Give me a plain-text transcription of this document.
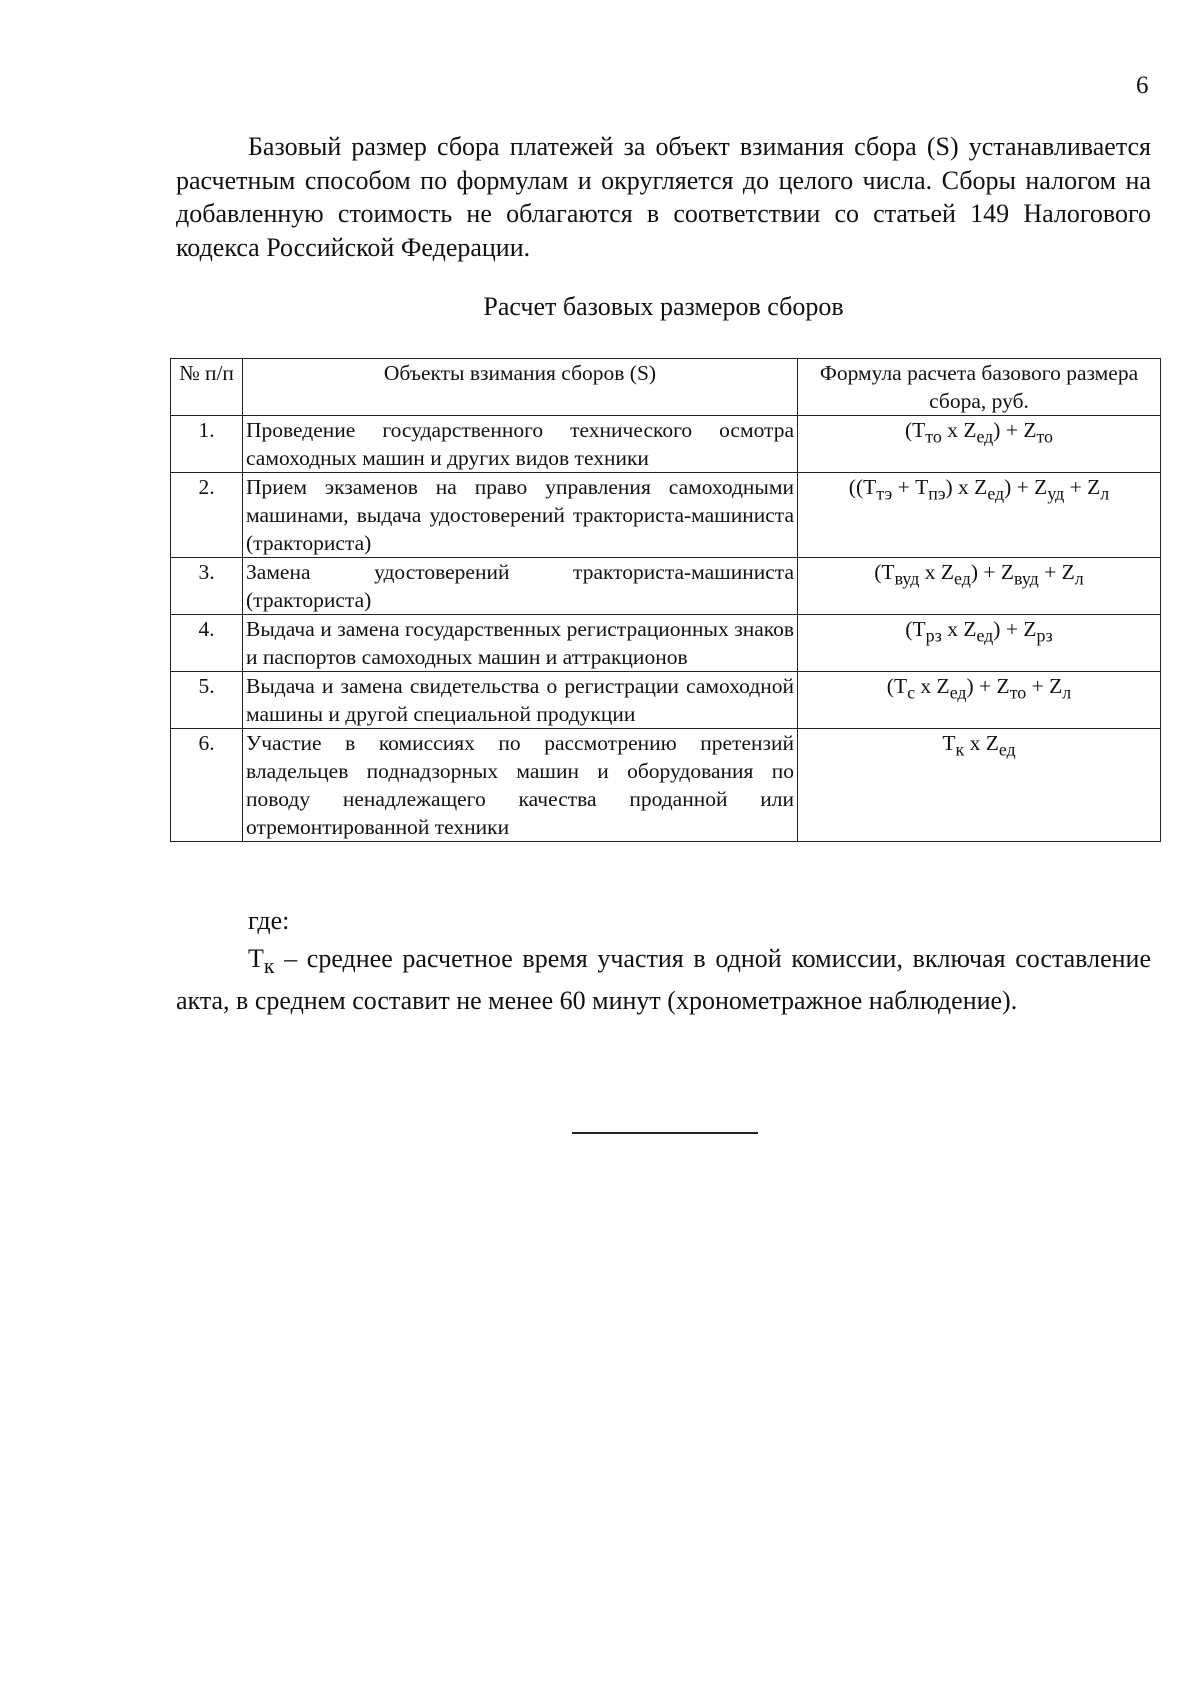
6

Базовый размер сбора платежей за объект взимания сбора (S) устанавливается расчетным способом по формулам и округляется до целого числа. Сборы налогом на добавленную стоимость не облагаются в соответствии со статьей 149 Налогового кодекса Российской Федерации.

Расчет базовых размеров сборов

№ п/п	Объекты взимания сборов (S)	Формула расчета базового размера сбора, руб.
1.	Проведение государственного технического осмотра самоходных машин и других видов техники	($T_{то}$ x $Z_{ед}) + Z_{то}$
2.	Прием экзаменов на право управления самоходными машинами, выдача удостоверений тракториста-машиниста (тракториста)	($(T_{тэ} + T_{пэ})$ x $Z_{ед}) + Z_{уд} + Z_л$
3.	Замена удостоверений тракториста-машиниста (тракториста)	($T_{вуд}$ x $Z_{ед}) + Z_{вуд} + Z_л$
4.	Выдача и замена государственных регистрационных знаков и паспортов самоходных машин и аттракционов	($T_{рз}$ x $Z_{ед}) + Z_{рз}$
5.	Выдача и замена свидетельства о регистрации самоходной машины и другой специальной продукции	($T_с$ x $Z_{ед}) + Z_{то} + Z_л$
6.	Участие в комиссиях по рассмотрению претензий владельцев поднадзорных машин и оборудования по поводу ненадлежащего качества проданной или отремонтированной техники	$T_к$ x $Z_{ед}$

где:

$T_к$ – среднее расчетное время участия в одной комиссии, включая составление акта, в среднем составит не менее 60 минут (хронометражное наблюдение).
